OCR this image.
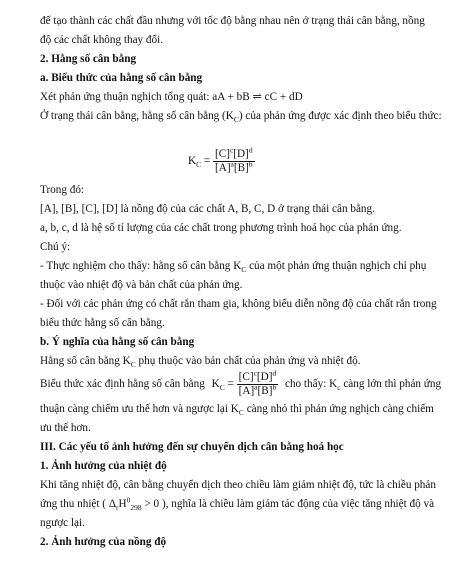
để tạo thành các chất đầu nhưng với tốc độ bằng nhau nên ở trạng thái cân bằng, nồng
độ các chất không thay đổi.
2. Hằng số cân bằng
a. Biểu thức của hằng số cân bằng
Xét phản ứng thuận nghịch tổng quát: aA + bB ⇌ cC + dD
Ở trạng thái cân bằng, hằng số cân bằng $(K_C)$ của phản ứng được xác định theo biểu thức:
$K_C = \frac{[C]^c[D]^d}{[A]^a[B]^b}$
Trong đó:
[A], [B], [C], [D] là nồng độ của các chất A, B, C, D ở trạng thái cân bằng.
a, b, c, d là hệ số tỉ lượng của các chất trong phương trình hoá học của phản ứng.
Chú ý:
- Thực nghiệm cho thấy: hằng số cân bằng $K_C$ của một phản ứng thuận nghịch chỉ phụ
thuộc vào nhiệt độ và bản chất của phản ứng.
- Đối với các phản ứng có chất rắn tham gia, không biểu diễn nồng độ của chất rắn trong
biểu thức hằng số cân bằng.
b. Ý nghĩa của hằng số cân bằng
Hằng số cân bằng $K_C$ phụ thuộc vào bản chất của phản ứng và nhiệt độ.
Biểu thức xác định hằng số cân bằng $K_C = \frac{[C]^c[D]^d}{[A]^a[B]^b}$ cho thấy: $K_c$ càng lớn thì phản ứng
thuận càng chiếm ưu thế hơn và ngược lại $K_C$ càng nhỏ thì phản ứng nghịch càng chiếm
ưu thế hơn.
III. Các yếu tố ảnh hưởng đến sự chuyển dịch cân bằng hoá học
1. Ảnh hưởng của nhiệt độ
Khi tăng nhiệt độ, cân bằng chuyển dịch theo chiều làm giảm nhiệt độ, tức là chiều phản
ứng thu nhiệt ( $\Delta_rH^0_{298} > 0$ ), nghĩa là chiều làm giảm tác động của việc tăng nhiệt độ và
ngược lại.
2. Ảnh hưởng của nồng độ
